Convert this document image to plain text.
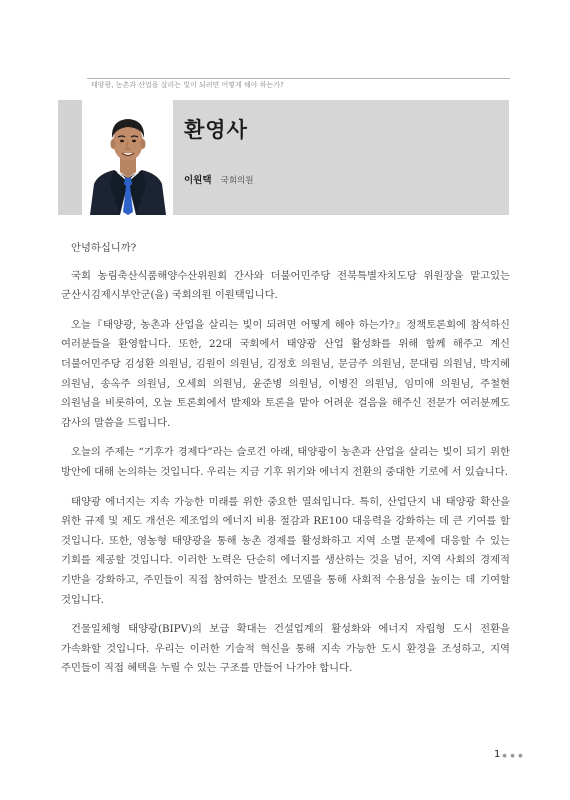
태양광, 농촌과 산업을 살리는 빛이 되려면 어떻게 해야 하는가?
환영사
이원택 국회의원

안녕하십니까?

국회 농림축산식품해양수산위원회 간사와 더불어민주당 전북특별자치도당 위원장을 맡고있는 군산시김제시부안군(을) 국회의원 이원택입니다.

오늘『태양광, 농촌과 산업을 살리는 빛이 되려면 어떻게 해야 하는가?』정책토론회에 참석하신 여러분들을 환영합니다. 또한, 22대 국회에서 태양광 산업 활성화를 위해 함께 해주고 계신 더불어민주당 김성환 의원님, 김원이 의원님, 김정호 의원님, 문금주 의원님, 문대림 의원님, 박지혜 의원님, 송옥주 의원님, 오세희 의원님, 윤준병 의원님, 이병진 의원님, 임미애 의원님, 주철현 의원님을 비롯하여, 오늘 토론회에서 발제와 토론을 맡아 어려운 걸음을 해주신 전문가 여러분께도 감사의 말씀을 드립니다.

오늘의 주제는 “기후가 경제다”라는 슬로건 아래, 태양광이 농촌과 산업을 살리는 빛이 되기 위한 방안에 대해 논의하는 것입니다. 우리는 지금 기후 위기와 에너지 전환의 중대한 기로에 서 있습니다.

태양광 에너지는 지속 가능한 미래를 위한 중요한 열쇠입니다. 특히, 산업단지 내 태양광 확산을 위한 규제 및 제도 개선은 제조업의 에너지 비용 절감과 RE100 대응력을 강화하는 데 큰 기여를 할 것입니다. 또한, 영농형 태양광을 통해 농촌 경제를 활성화하고 지역 소멸 문제에 대응할 수 있는 기회를 제공할 것입니다. 이러한 노력은 단순히 에너지를 생산하는 것을 넘어, 지역 사회의 경제적 기반을 강화하고, 주민들이 직접 참여하는 발전소 모델을 통해 사회적 수용성을 높이는 데 기여할 것입니다.

건물일체형 태양광(BIPV)의 보급 확대는 건설업계의 활성화와 에너지 자립형 도시 전환을 가속화할 것입니다. 우리는 이러한 기술적 혁신을 통해 지속 가능한 도시 환경을 조성하고, 지역 주민들이 직접 혜택을 누릴 수 있는 구조를 만들어 나가야 합니다.

1 ● ● ●
